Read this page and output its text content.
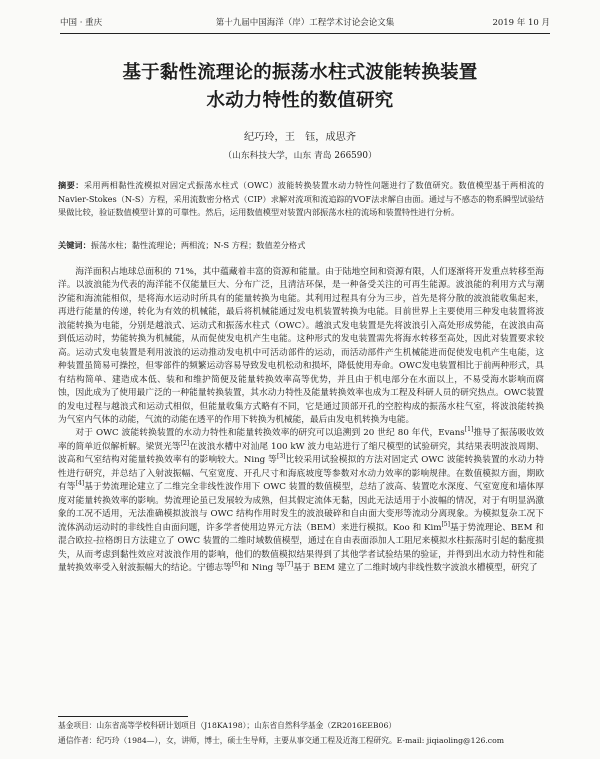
中国 · 重庆	第十九届中国海洋（岸）工程学术讨论会论文集	2019 年 10 月
基于黏性流理论的振荡水柱式波能转换装置
水动力特性的数值研究
纪巧玲，王　钰，成思齐
（山东科技大学，山东 青岛 266590）
摘要：采用两相黏性流模拟对固定式振荡水柱式（OWC）波能转换装置水动力特性问题进行了数值研究。数值模型基于两相流的Navier-Stokes（N-S）方程，采用流数密分格式（CIP）求解对流项和流追踪的VOF法求解自由面。通过与不感态的物系瞬型试验结果做比较，验证数值模型计算的可靠性。然后，运用数值模型对装置内部振荡水柱的流场和装置特性进行分析。
关键词：振荡水柱；黏性流理论；两相流；N-S 方程；数值差分格式

海洋面积占地球总面积的 71%，其中蕴藏着丰富的资源和能量。由于陆地空间和资源有限，人们逐渐将开发重点转移至海洋。以波浪能为代表的海洋能不仅能量巨大、分布广泛，且清洁环保，是一种备受关注的可再生能源。波浪能的利用方式与潮汐能和海流能相似，是将海水运动时所具有的能量转换为电能。其利用过程具有分为三步，首先是将分散的波浪能收集起来，再进行能量的传递，转化为有效的机械能，最后将机械能通过发电机装置转换为电能。目前世界上主要使用三种发电装置将波浪能转换为电能，分别是越浪式、运动式和振荡水柱式（OWC）。越浪式发电装置是先将波浪引入高处形成势能，在波浪由高到低运动时，势能转换为机械能，从而促使发电机产生电能。这种形式的发电装置需先将海水转移至高处，因此对装置要求较高。运动式发电装置是利用波浪的运动推动发电机中可活动部件的运动，而活动部件产生机械能进而促使发电机产生电能，这种装置虽简易可操控，但零部件的频繁运动容易导致发电机松动和损坏，降低使用寿命。OWC发电装置相比于前两种形式，具有结构简单、建造成本低、装和和维护简便及能量转换效率高等优势，并且由于机电部分在水面以上，不易受海水影响而腐蚀，因此成为了使用最广泛的一种能量转换装置，其水动力特性及能量转换效率也成为工程及科研人员的研究热点。OWC装置的发电过程与越浪式和运动式相似，但能量收集方式略有不同，它是通过顶部开孔的空腔构成的振荡水柱气室，将波浪能转换为气室内气体的动能，气流的动能在透平的作用下转换为机械能，最后由发电机转换为电能。

对于 OWC 波能转换装置的水动力特性和能量转换效率的研究可以追溯到 20 世纪 80 年代，Evans[1]推导了振荡吸收效率的简单近似解析解。梁贤光等[2]在波浪水槽中对汕尾 100 kW 波力电站进行了缩尺模型的试验研究，其结果表明波浪周期、波高和气室结构对能量转换效率有的影响较大。Ning 等[3]比较采用试验模拟的方法对固定式 OWC 波能转换装置的水动力特性进行研究，并总结了入射波振幅、气室宽度、开孔尺寸和海底坡度等参数对水动力效率的影响规律。在数值模拟方面，期欧有等[4]基于势流理论建立了二维完全非线性波作用下 OWC 装置的数值模型，总结了波高、装置吃水深度、气室宽度和墙体厚度对能量转换效率的影响。势流理论虽已发展较为成熟，但其假定流体无黏，因此无法适用于小波幅的情况，对于有明显涡激象的工况不适用，无法准确模拟波浪与 OWC 结构作用时发生的波浪破碎和自由面大变形等流动分离现象。为模拟复杂工况下流体涡动运动时的非线性自由面问题，许多学者使用边界元方法（BEM）来进行模拟。Koo 和 Kim[5]基于势流理论、BEM 和混合欧拉-拉格朗日方法建立了 OWC 装置的二维时域数值模型，通过在自由表面添加人工阻尼来模拟水柱振荡时引起的黏度损失，从而考虑到黏性效应对波浪作用的影响，他们的数值模拟结果得到了其他学者试验结果的验证，并得到出水动力特性和能量转换效率受入射波振幅大的结论。宁德志等[6]和 Ning 等[7]基于 BEM 建立了二维时域内非线性数字波浪水槽模型，研究了

基金项目：山东省高等学校科研计划项目（J18KA198）；山东省自然科学基金（ZR2016EEB06）
通信作者：纪巧玲（1984—），女，讲师，博士，硕士生导师，主要从事交通工程及近海工程研究。E-mail: jiqiaoling@126.com
